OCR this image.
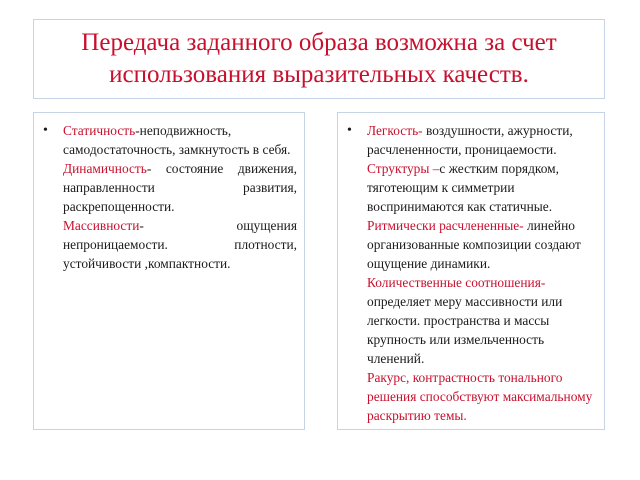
Передача заданного образа возможна за счет
использования выразительных качеств.
• Статичность-неподвижность, самодостаточность, замкнутость в себя.

Динамичность- состояние движения, направленности развития, раскрепощенности.

Массивности- ощущения непроницаемости. плотности, устойчивости ,компактности.

• Легкость- воздушности, ажурности, расчлененности, проницаемости. Структуры –с жестким порядком, тяготеющим к симметрии воспринимаются как статичные. Ритмически расчлененные- линейно организованные композиции создают ощущение динамики.

Количественные соотношения- определяет меру массивности или легкости. пространства и массы крупность или измельченность членений.

Ракурс, контрастность тонального решения способствуют максимальному раскрытию темы.
